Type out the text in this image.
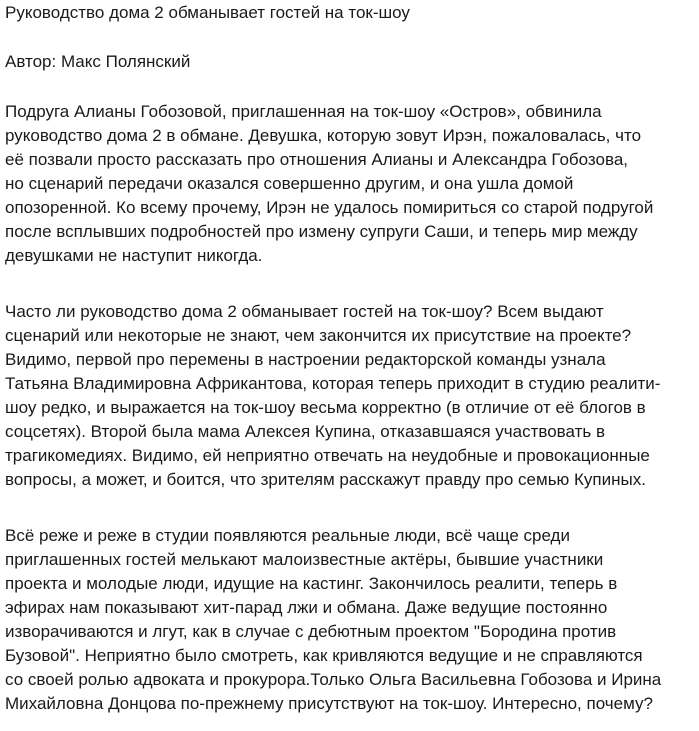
Руководство дома 2 обманывает гостей на ток-шоу
Автор: Макс Полянский
Подруга Алианы Гобозовой, приглашенная на ток-шоу «Остров», обвинила
руководство дома 2 в обмане. Девушка, которую зовут Ирэн, пожаловалась, что
её позвали просто рассказать про отношения Алианы и Александра Гобозова,
но сценарий передачи оказался совершенно другим, и она ушла домой
опозоренной. Ко всему прочему, Ирэн не удалось помириться со старой подругой
после всплывших подробностей про измену супруги Саши, и теперь мир между
девушками не наступит никогда.
Часто ли руководство дома 2 обманывает гостей на ток-шоу? Всем выдают
сценарий или некоторые не знают, чем закончится их присутствие на проекте?
Видимо, первой про перемены в настроении редакторской команды узнала
Татьяна Владимировна Африкантова, которая теперь приходит в студию реалити-
шоу редко, и выражается на ток-шоу весьма корректно (в отличие от её блогов в
соцсетях). Второй была мама Алексея Купина, отказавшаяся участвовать в
трагикомедиях. Видимо, ей неприятно отвечать на неудобные и провокационные
вопросы, а может, и боится, что зрителям расскажут правду про семью Купиных.
Всё реже и реже в студии появляются реальные люди, всё чаще среди
приглашенных гостей мелькают малоизвестные актёры, бывшие участники
проекта и молодые люди, идущие на кастинг. Закончилось реалити, теперь в
эфирах нам показывают хит-парад лжи и обмана. Даже ведущие постоянно
изворачиваются и лгут, как в случае с дебютным проектом "Бородина против
Бузовой". Неприятно было смотреть, как кривляются ведущие и не справляются
со своей ролью адвоката и прокурора.Только Ольга Васильевна Гобозова и Ирина
Михайловна Донцова по-прежнему присутствуют на ток-шоу. Интересно, почему?
